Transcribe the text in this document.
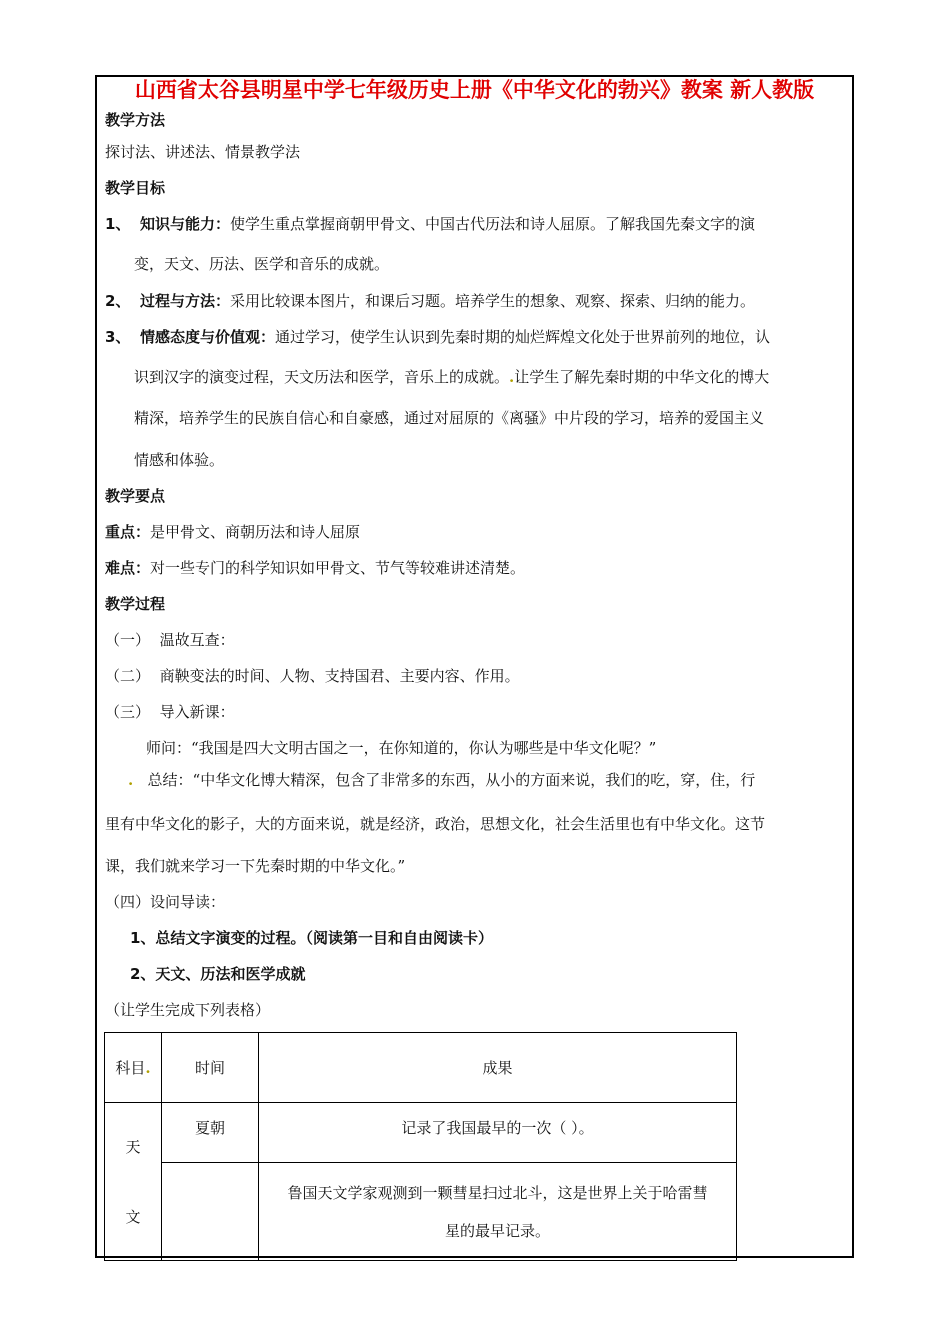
山西省太谷县明星中学七年级历史上册《中华文化的勃兴》教案 新人教版
教学方法
探讨法、讲述法、情景教学法
教学目标
1、 知识与能力：使学生重点掌握商朝甲骨文、中国古代历法和诗人屈原。了解我国先秦文字的演
变，天文、历法、医学和音乐的成就。
2、 过程与方法：采用比较课本图片，和课后习题。培养学生的想象、观察、探索、归纳的能力。
3、 情感态度与价值观：通过学习，使学生认识到先秦时期的灿烂辉煌文化处于世界前列的地位，认
识到汉字的演变过程，天文历法和医学，音乐上的成就。.让学生了解先秦时期的中华文化的博大
精深，培养学生的民族自信心和自豪感，通过对屈原的《离骚》中片段的学习，培养的爱国主义
情感和体验。
教学要点
重点：是甲骨文、商朝历法和诗人屈原
难点：对一些专门的科学知识如甲骨文、节气等较难讲述清楚。
教学过程
（一） 温故互查：
（二） 商鞅变法的时间、人物、支持国君、主要内容、作用。
（三） 导入新课：
师问：“我国是四大文明古国之一，在你知道的，你认为哪些是中华文化呢？”
. 总结：“中华文化博大精深，包含了非常多的东西，从小的方面来说，我们的吃，穿，住，行
里有中华文化的影子，大的方面来说，就是经济，政治，思想文化，社会生活里也有中华文化。这节
课，我们就来学习一下先秦时期的中华文化。”
（四）设问导读：
1、总结文字演变的过程。（阅读第一目和自由阅读卡）
2、天文、历法和医学成就
（让学生完成下列表格）
科目.	时间	成果

天
文	夏朝	记录了我国最早的一次（ ）。

		鲁国天文学家观测到一颗彗星扫过北斗，这是世界上关于哈雷彗
星的最早记录。
